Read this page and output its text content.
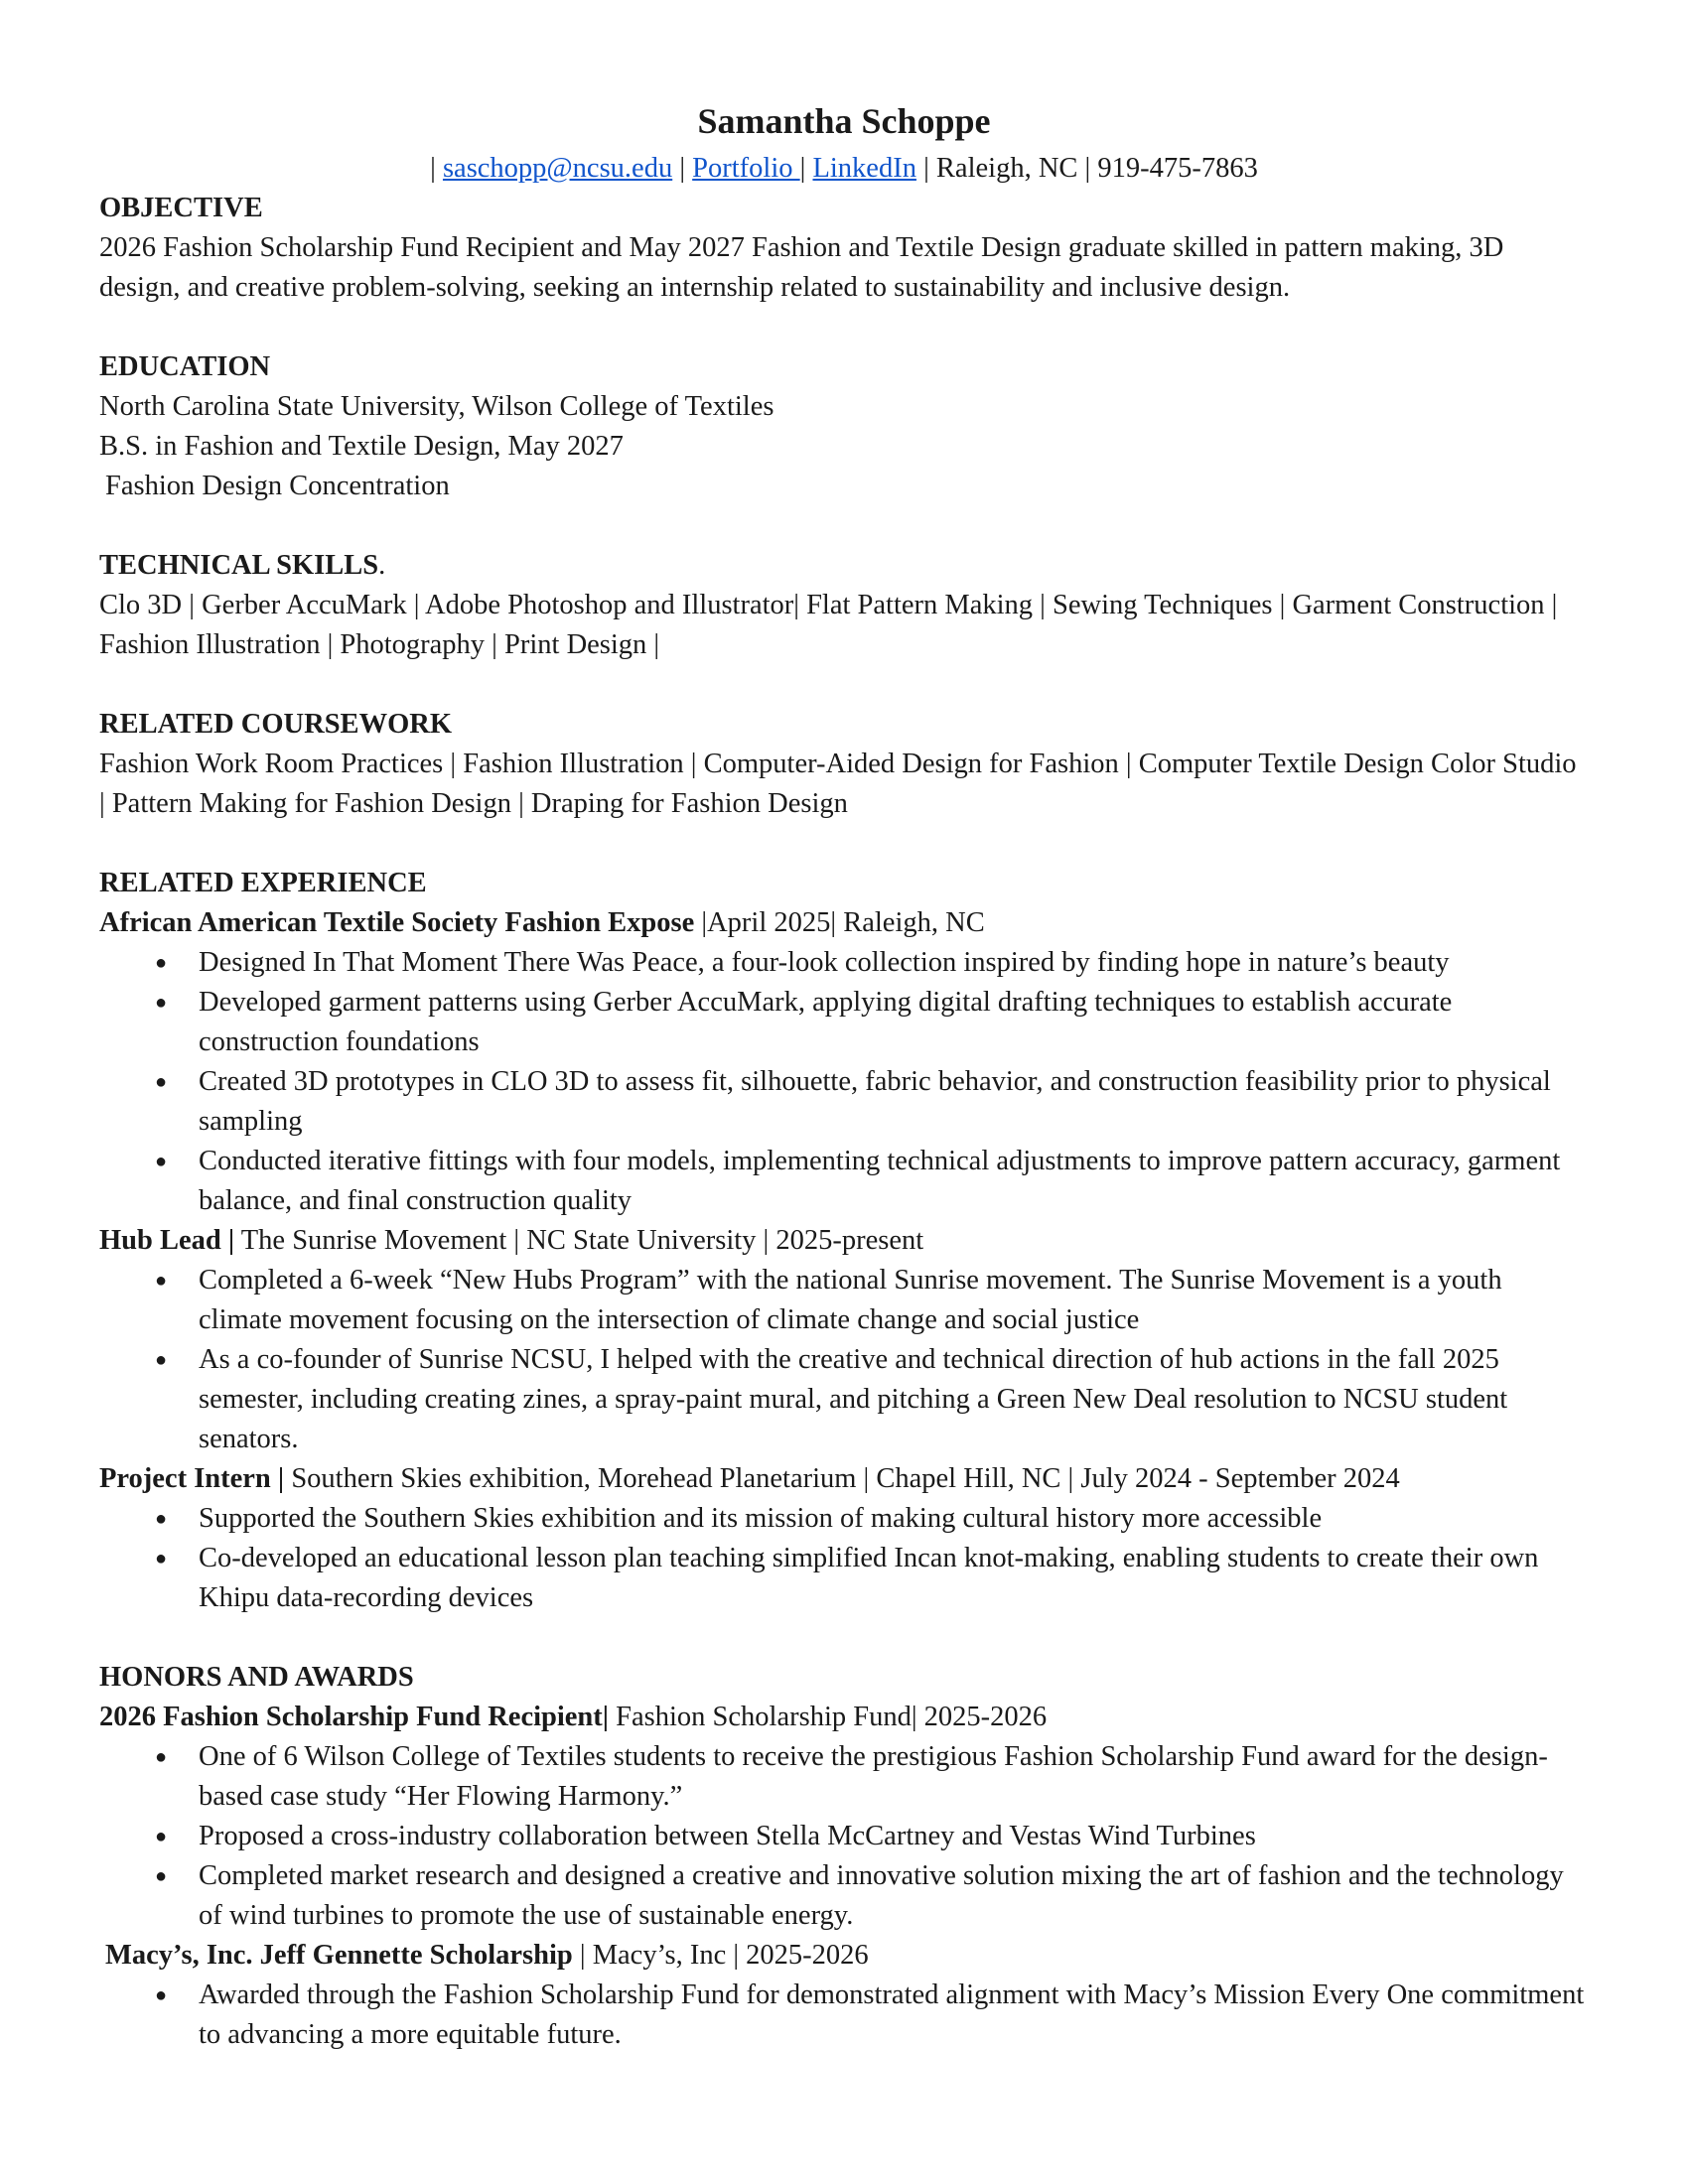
Samantha Schoppe
| saschopp@ncsu.edu | Portfolio | LinkedIn | Raleigh, NC | 919-475-7863
OBJECTIVE
2026 Fashion Scholarship Fund Recipient and May 2027 Fashion and Textile Design graduate skilled in pattern making, 3D design, and creative problem-solving, seeking an internship related to sustainability and inclusive design.
EDUCATION
North Carolina State University, Wilson College of Textiles
B.S. in Fashion and Textile Design, May 2027
Fashion Design Concentration
TECHNICAL SKILLS.
Clo 3D | Gerber AccuMark | Adobe Photoshop and Illustrator| Flat Pattern Making | Sewing Techniques | Garment Construction | Fashion Illustration | Photography | Print Design |
RELATED COURSEWORK
Fashion Work Room Practices | Fashion Illustration | Computer-Aided Design for Fashion | Computer Textile Design Color Studio | Pattern Making for Fashion Design | Draping for Fashion Design
RELATED EXPERIENCE
African American Textile Society Fashion Expose |April 2025| Raleigh, NC
● Designed In That Moment There Was Peace, a four-look collection inspired by finding hope in nature’s beauty
● Developed garment patterns using Gerber AccuMark, applying digital drafting techniques to establish accurate construction foundations
● Created 3D prototypes in CLO 3D to assess fit, silhouette, fabric behavior, and construction feasibility prior to physical sampling
● Conducted iterative fittings with four models, implementing technical adjustments to improve pattern accuracy, garment balance, and final construction quality
Hub Lead | The Sunrise Movement | NC State University | 2025-present
● Completed a 6-week “New Hubs Program” with the national Sunrise movement. The Sunrise Movement is a youth climate movement focusing on the intersection of climate change and social justice
● As a co-founder of Sunrise NCSU, I helped with the creative and technical direction of hub actions in the fall 2025 semester, including creating zines, a spray-paint mural, and pitching a Green New Deal resolution to NCSU student senators.
Project Intern | Southern Skies exhibition, Morehead Planetarium | Chapel Hill, NC | July 2024 - September 2024
● Supported the Southern Skies exhibition and its mission of making cultural history more accessible
● Co-developed an educational lesson plan teaching simplified Incan knot-making, enabling students to create their own Khipu data-recording devices
HONORS AND AWARDS
2026 Fashion Scholarship Fund Recipient| Fashion Scholarship Fund| 2025-2026
● One of 6 Wilson College of Textiles students to receive the prestigious Fashion Scholarship Fund award for the design-based case study “Her Flowing Harmony.”
● Proposed a cross-industry collaboration between Stella McCartney and Vestas Wind Turbines
● Completed market research and designed a creative and innovative solution mixing the art of fashion and the technology of wind turbines to promote the use of sustainable energy.
Macy’s, Inc. Jeff Gennette Scholarship | Macy’s, Inc | 2025-2026
● Awarded through the Fashion Scholarship Fund for demonstrated alignment with Macy’s Mission Every One commitment to advancing a more equitable future.
